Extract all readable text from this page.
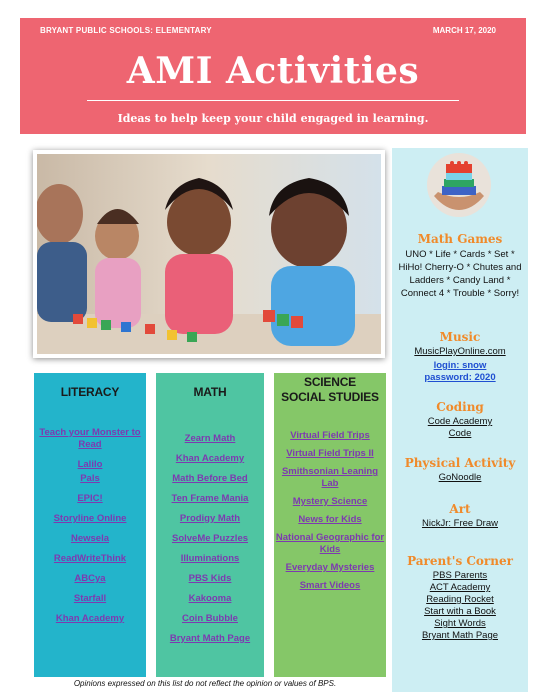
BRYANT PUBLIC SCHOOLS: ELEMENTARY	MARCH 17, 2020
AMI Activities
Ideas to help keep your child engaged in learning.
LITERACY
Teach your Monster to Read
Lalilo
Pals
EPIC!
Storyline Online
Newsela
ReadWriteThink
ABCya
Starfall
Khan Academy
MATH
Zearn Math
Khan Academy
Math Before Bed
Ten Frame Mania
Prodigy Math
SolveMe Puzzles
Illuminations
PBS Kids
Kakooma
Coin Bubble
Bryant Math Page
SCIENCE
SOCIAL STUDIES
Virtual Field Trips
Virtual Field Trips II
Smithsonian Leaning Lab
Mystery Science
News for Kids
National Geographic for Kids
Everyday Mysteries
Smart Videos
Math Games
UNO * Life * Cards * Set * HiHo! Cherry-O * Chutes and Ladders * Candy Land * Connect 4 * Trouble * Sorry!
Music
MusicPlayOnline.com
login: snow
password: 2020
Coding
Code Academy Code
Physical Activity
GoNoodle
Art
NickJr: Free Draw
Parent's Corner
PBS Parents
ACT Academy
Reading Rocket
Start with a Book
Sight Words
Bryant Math Page
Opinions expressed on this list do not reflect the opinion or values of BPS.
